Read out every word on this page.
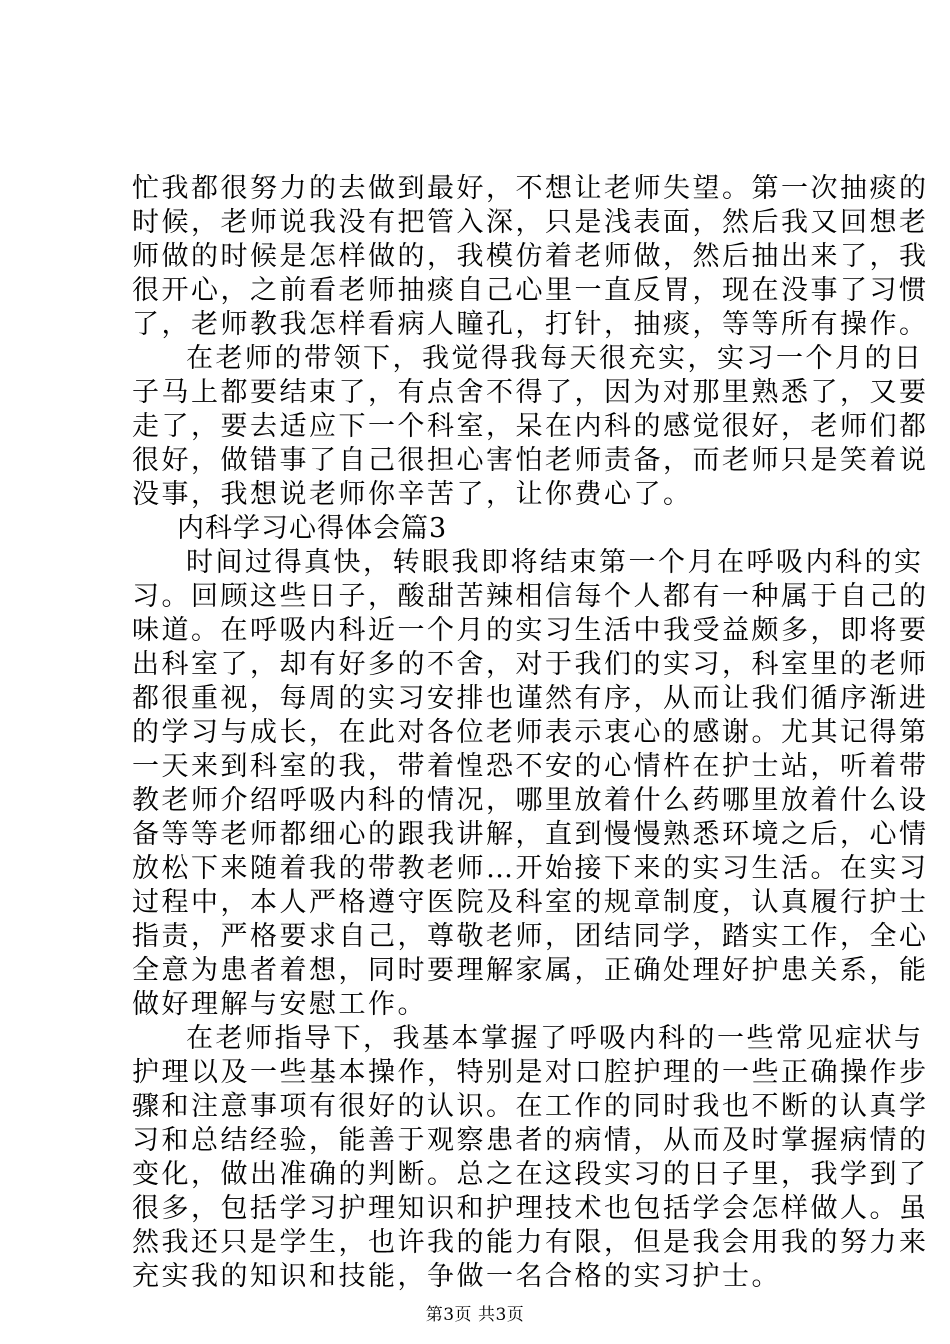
忙我都很努力的去做到最好，不想让老师失望。第一次抽痰的
时候，老师说我没有把管入深，只是浅表面，然后我又回想老
师做的时候是怎样做的，我模仿着老师做，然后抽出来了，我
很开心，之前看老师抽痰自己心里一直反胃，现在没事了习惯
了，老师教我怎样看病人瞳孔，打针，抽痰，等等所有操作。
在老师的带领下，我觉得我每天很充实，实习一个月的日
子马上都要结束了，有点舍不得了，因为对那里熟悉了，又要
走了，要去适应下一个科室，呆在内科的感觉很好，老师们都
很好，做错事了自己很担心害怕老师责备，而老师只是笑着说
没事，我想说老师你辛苦了，让你费心了。
内科学习心得体会篇3
时间过得真快，转眼我即将结束第一个月在呼吸内科的实
习。回顾这些日子，酸甜苦辣相信每个人都有一种属于自己的
味道。在呼吸内科近一个月的实习生活中我受益颇多，即将要
出科室了，却有好多的不舍，对于我们的实习，科室里的老师
都很重视，每周的实习安排也谨然有序，从而让我们循序渐进
的学习与成长，在此对各位老师表示衷心的感谢。尤其记得第
一天来到科室的我，带着惶恐不安的心情杵在护士站，听着带
教老师介绍呼吸内科的情况，哪里放着什么药哪里放着什么设
备等等老师都细心的跟我讲解，直到慢慢熟悉环境之后，心情
放松下来随着我的带教老师…开始接下来的实习生活。在实习
过程中，本人严格遵守医院及科室的规章制度，认真履行护士
指责，严格要求自己，尊敬老师，团结同学，踏实工作，全心
全意为患者着想，同时要理解家属，正确处理好护患关系，能
做好理解与安慰工作。
在老师指导下，我基本掌握了呼吸内科的一些常见症状与
护理以及一些基本操作，特别是对口腔护理的一些正确操作步
骤和注意事项有很好的认识。在工作的同时我也不断的认真学
习和总结经验，能善于观察患者的病情，从而及时掌握病情的
变化，做出准确的判断。总之在这段实习的日子里，我学到了
很多，包括学习护理知识和护理技术也包括学会怎样做人。虽
然我还只是学生，也许我的能力有限，但是我会用我的努力来
充实我的知识和技能，争做一名合格的实习护士。
第3页 共3页
